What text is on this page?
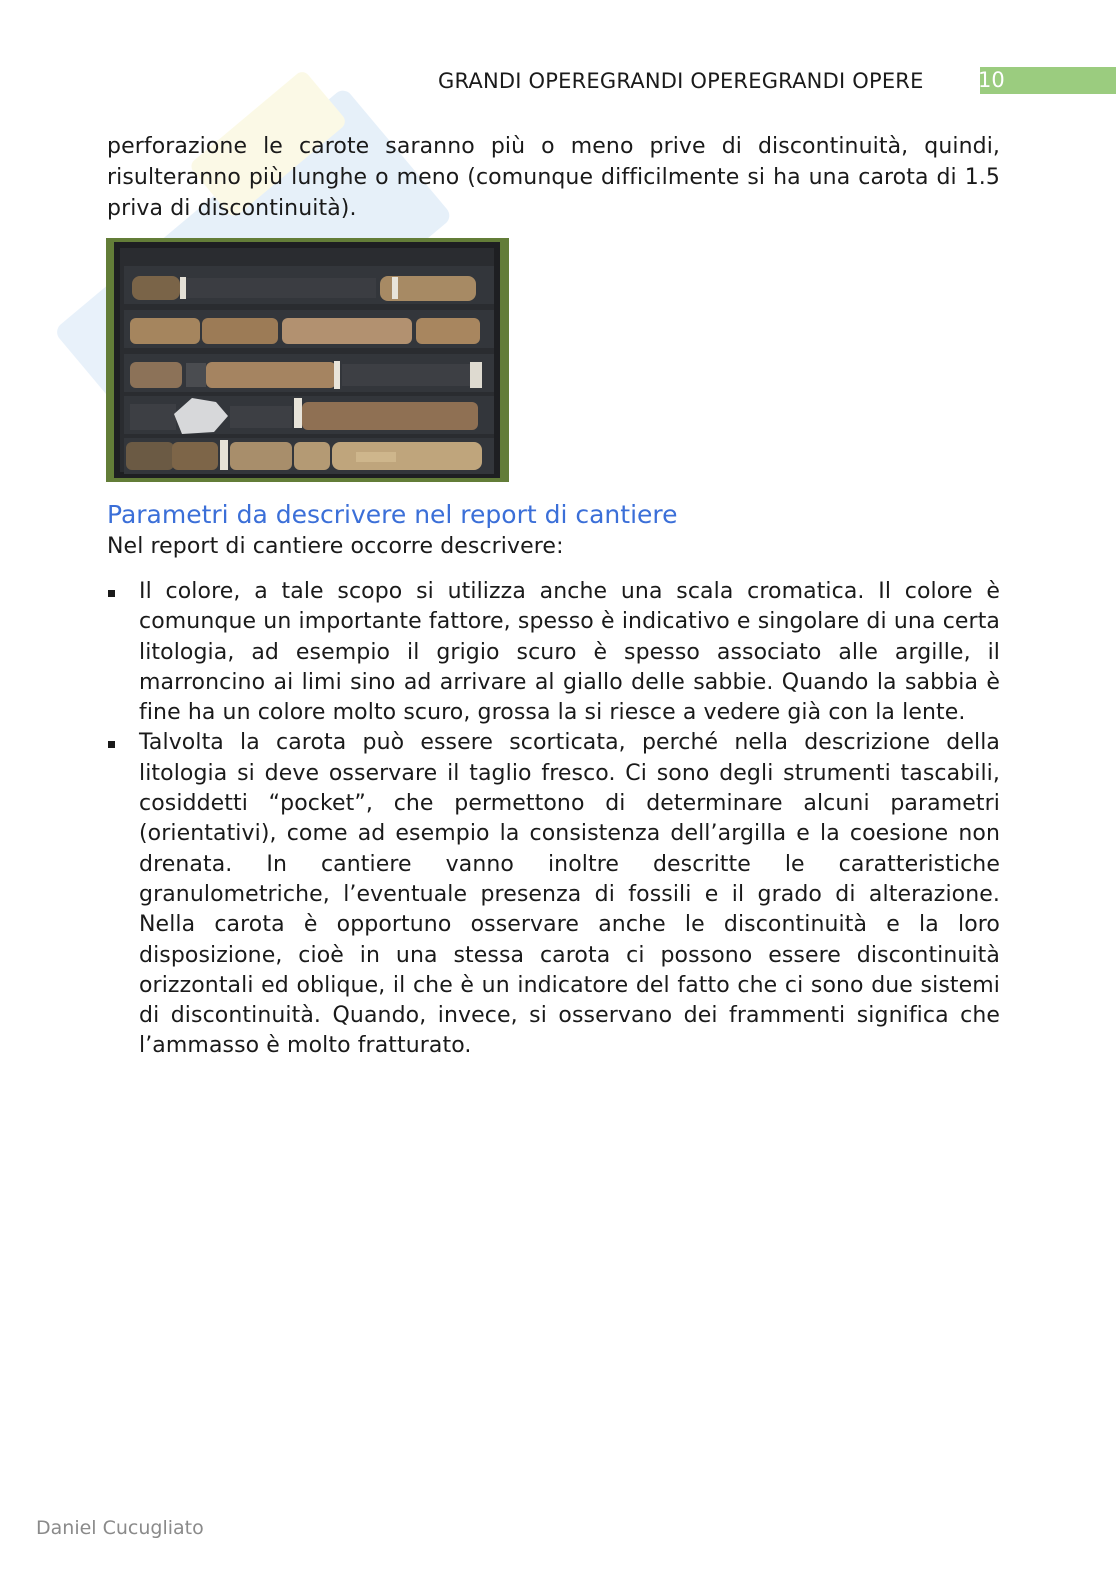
GRANDI OPEREGRANDI OPEREGRANDI OPERE	10

perforazione le carote saranno più o meno prive di discontinuità, quindi, risulteranno più lunghe o meno (comunque difficilmente si ha una carota di 1.5 priva di discontinuità).

Parametri da descrivere nel report di cantiere

Nel report di cantiere occorre descrivere:

Il colore, a tale scopo si utilizza anche una scala cromatica. Il colore è comunque un importante fattore, spesso è indicativo e singolare di una certa litologia, ad esempio il grigio scuro è spesso associato alle argille, il marroncino ai limi sino ad arrivare al giallo delle sabbie. Quando la sabbia è fine ha un colore molto scuro, grossa la si riesce a vedere già con la lente.

Talvolta la carota può essere scorticata, perché nella descrizione della litologia si deve osservare il taglio fresco. Ci sono degli strumenti tascabili, cosiddetti “pocket”, che permettono di determinare alcuni parametri (orientativi), come ad esempio la consistenza dell’argilla e la coesione non drenata. In cantiere vanno inoltre descritte le caratteristiche granulometriche, l’eventuale presenza di fossili e il grado di alterazione. Nella carota è opportuno osservare anche le discontinuità e la loro disposizione, cioè in una stessa carota ci possono essere discontinuità orizzontali ed oblique, il che è un indicatore del fatto che ci sono due sistemi di discontinuità. Quando, invece, si osservano dei frammenti significa che l’ammasso è molto fratturato.

Daniel Cucugliato
